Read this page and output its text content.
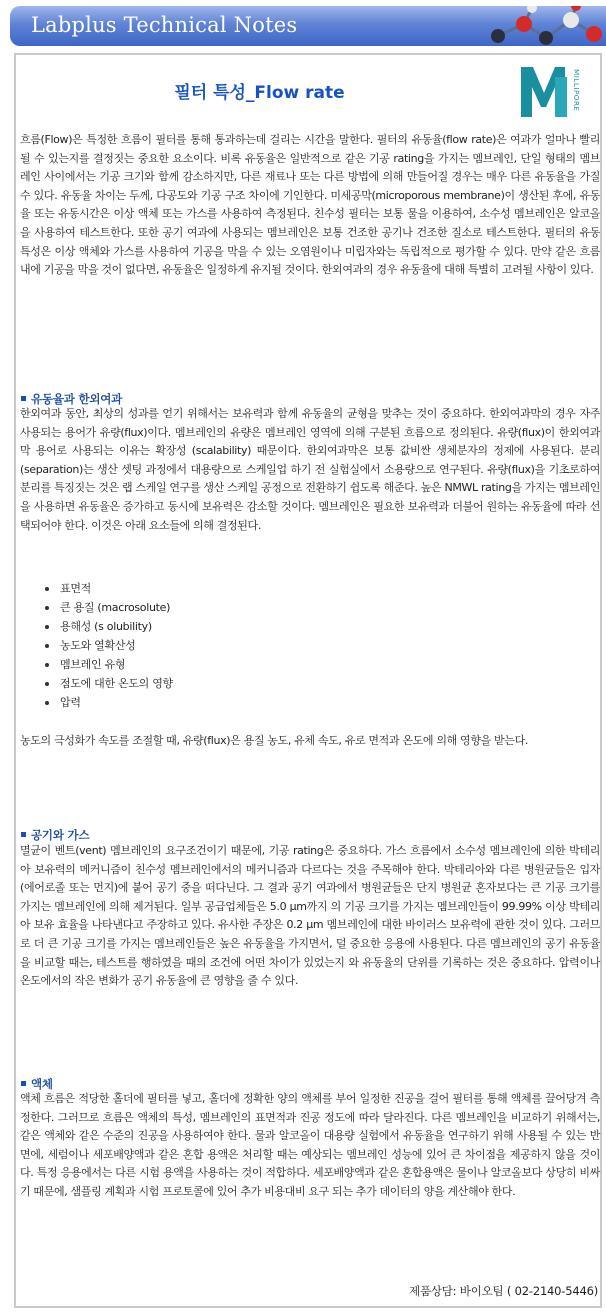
Labplus Technical Notes
필터 특성_Flow rate	MILLIPORE
흐름(Flow)은 특정한 흐름이 필터를 통해 통과하는데 걸리는 시간을 말한다. 필터의 유동율(flow rate)은 여과가 얼마나 빨리 될 수 있는지를 결정짓는 중요한 요소이다. 비록 유동율은 일반적으로 같은 기공 rating을 가지는 멤브레인, 단일 형태의 멤브레인 사이에서는 기공 크기와 함께 감소하지만, 다른 재료나 또는 다른 방법에 의해 만들어질 경우는 매우 다른 유동율을 가질 수 있다. 유동율 차이는 두께, 다공도와 기공 구조 차이에 기인한다. 미세공막(microporous membrane)이 생산된 후에, 유동율 또는 유동시간은 이상 액체 또는 가스를 사용하여 측정된다. 친수성 필터는 보통 물을 이용하여, 소수성 멤브레인은 알코올을 사용하여 테스트한다. 또한 공기 여과에 사용되는 멤브레인은 보통 건조한 공기나 건조한 질소로 테스트한다. 필터의 유동 특성은 이상 액체와 가스를 사용하여 기공을 막을 수 있는 오염원이나 미립자와는 독립적으로 평가할 수 있다. 만약 같은 흐름 내에 기공을 막을 것이 없다면, 유동율은 일정하게 유지될 것이다. 한외여과의 경우 유동율에 대해 특별히 고려될 사항이 있다.
유동율과 한외여과
한외여과 동안, 최상의 성과를 얻기 위해서는 보유력과 함께 유동율의 균형을 맞추는 것이 중요하다. 한외여과막의 경우 자주 사용되는 용어가 유량(flux)이다. 멤브레인의 유량은 멤브레인 영역에 의해 구분된 흐름으로 정의된다. 유량(flux)이 한외여과막 용어로 사용되는 이유는 확장성 (scalability) 때문이다. 한외여과막은 보통 값비싼 생체분자의 정제에 사용된다. 분리(separation)는 생산 셋팅 과정에서 대용량으로 스케일업 하기 전 실험실에서 소용량으로 연구된다. 유량(flux)을 기초로하여 분리를 특징짓는 것은 랩 스케일 연구를 생산 스케일 공정으로 전환하기 쉽도록 해준다. 높은 NMWL rating을 가지는 멤브레인을 사용하면 유동율은 증가하고 동시에 보유력은 감소할 것이다. 멤브레인은 필요한 보유력과 더불어 원하는 유동율에 따라 선택되어야 한다. 이것은 아래 요소들에 의해 결정된다.
표면적
큰 용질 (macrosolute)
용해성 (s olubility)
농도와 열확산성
멤브레인 유형
점도에 대한 온도의 영향
압력
농도의 극성화가 속도를 조절할 때, 유량(flux)은 용질 농도, 유체 속도, 유로 면적과 온도에 의해 영향을 받는다.
공기와 가스
멸균이 벤트(vent) 멤브레인의 요구조건이기 때문에, 기공 rating은 중요하다. 가스 흐름에서 소수성 멤브레인에 의한 박테리아 보유력의 메커니즘이 친수성 멤브레인에서의 메커니즘과 다르다는 것을 주목해야 한다. 박테리아와 다른 병원균들은 입자(에어로졸 또는 먼지)에 붙어 공기 중을 떠다닌다. 그 결과 공기 여과에서 병원균들은 단지 병원균 혼자보다는 큰 기공 크기를 가지는 멤브레인에 의해 제거된다. 일부 공급업체들은 5.0 μm까지 의 기공 크기를 가지는 멤브레인들이 99.99% 이상 박테리아 보유 효율을 나타낸다고 주장하고 있다. 유사한 주장은 0.2 μm 멤브레인에 대한 바이러스 보유력에 관한 것이 있다. 그러므로 더 큰 기공 크기를 가지는 멤브레인들은 높은 유동율을 가지면서, 덜 중요한 응용에 사용된다. 다른 멤브레인의 공기 유동율을 비교할 때는, 테스트를 행하였을 때의 조건에 어떤 차이가 있었는지 와 유동율의 단위를 기록하는 것은 중요하다. 압력이나 온도에서의 작은 변화가 공기 유동율에 큰 영향을 줄 수 있다.
액체
액체 흐름은 적당한 홀더에 필터를 넣고, 홀더에 정확한 양의 액체를 부어 일정한 진공을 걸어 필터를 통해 액체를 끌어당겨 측정한다. 그러므로 흐름은 액체의 특성, 멤브레인의 표면적과 진공 정도에 따라 달라진다. 다른 멤브레인을 비교하기 위해서는, 같은 액체와 같은 수준의 진공을 사용하여야 한다. 물과 알코올이 대용량 실험에서 유동율을 연구하기 위해 사용될 수 있는 반면에, 세럼이나 세포배양액과 같은 혼합 용액은 처리할 때는 예상되는 멤브레인 성능에 있어 큰 차이점을 제공하지 않을 것이다. 특정 응용에서는 다른 시험 용액을 사용하는 것이 적합하다. 세포배양액과 같은 혼합용액은 물이나 알코올보다 상당히 비싸기 때문에, 샘플링 계획과 시험 프로토콜에 있어 추가 비용대비 요구 되는 추가 데이터의 양을 계산해야 한다.
제품상담: 바이오팀 ( 02-2140-5446)
